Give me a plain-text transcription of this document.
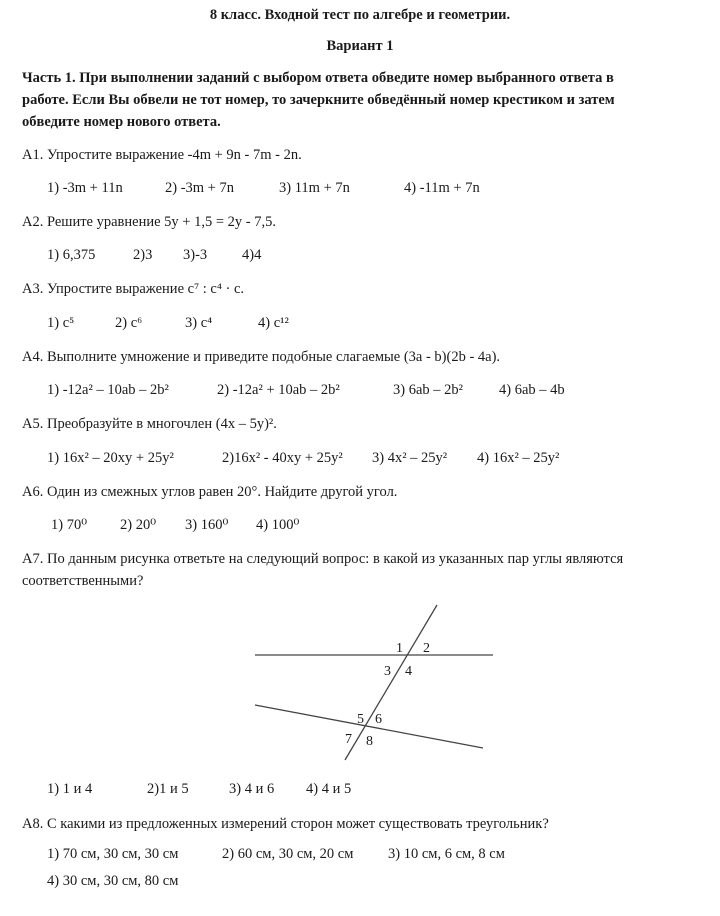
8 класс. Входной тест по алгебре и геометрии.
Вариант 1
Часть 1. При выполнении заданий с выбором ответа обведите номер выбранного ответа в
работе. Если Вы обвели не тот номер, то зачеркните обведённый номер крестиком и затем
обведите номер нового ответа.
А1. Упростите выражение -4m + 9n - 7m - 2n.
1) -3m + 11n	2) -3m + 7n	3) 11m + 7n	4) -11m + 7n
А2. Решите уравнение 5y + 1,5 = 2y - 7,5.
1) 6,375	2)3 3)-3 4)4
А3. Упростите выражение c⁷ : c⁴ · c.
1) c⁵	2) c⁶	3) c⁴	4) c¹²
А4. Выполните умножение и приведите подобные слагаемые (3a - b)(2b - 4a).
1) -12a² – 10ab – 2b²	2) -12a² + 10ab – 2b²	3) 6ab – 2b² 4) 6ab – 4b
А5. Преобразуйте в многочлен (4x – 5y)².
1) 16x² – 20xy + 25y²	2)16x² - 40xy + 25y² 3) 4x² – 25y² 4) 16x² – 25y²
А6. Один из смежных углов равен 20°. Найдите другой угол.
1) 70⁰ 2) 20⁰ 3) 160⁰ 4) 100⁰
А7. По данным рисунка ответьте на следующий вопрос: в какой из указанных пар углы являются
соответственными?
1 2
3 4
5 6
7 8
1) 1 и 4	2)1 и 5	3) 4 и 6 4) 4 и 5
А8. С какими из предложенных измерений сторон может существовать треугольник?
1) 70 см, 30 см, 30 см	2) 60 см, 30 см, 20 см 3) 10 см, 6 см, 8 см
4) 30 см, 30 см, 80 см
